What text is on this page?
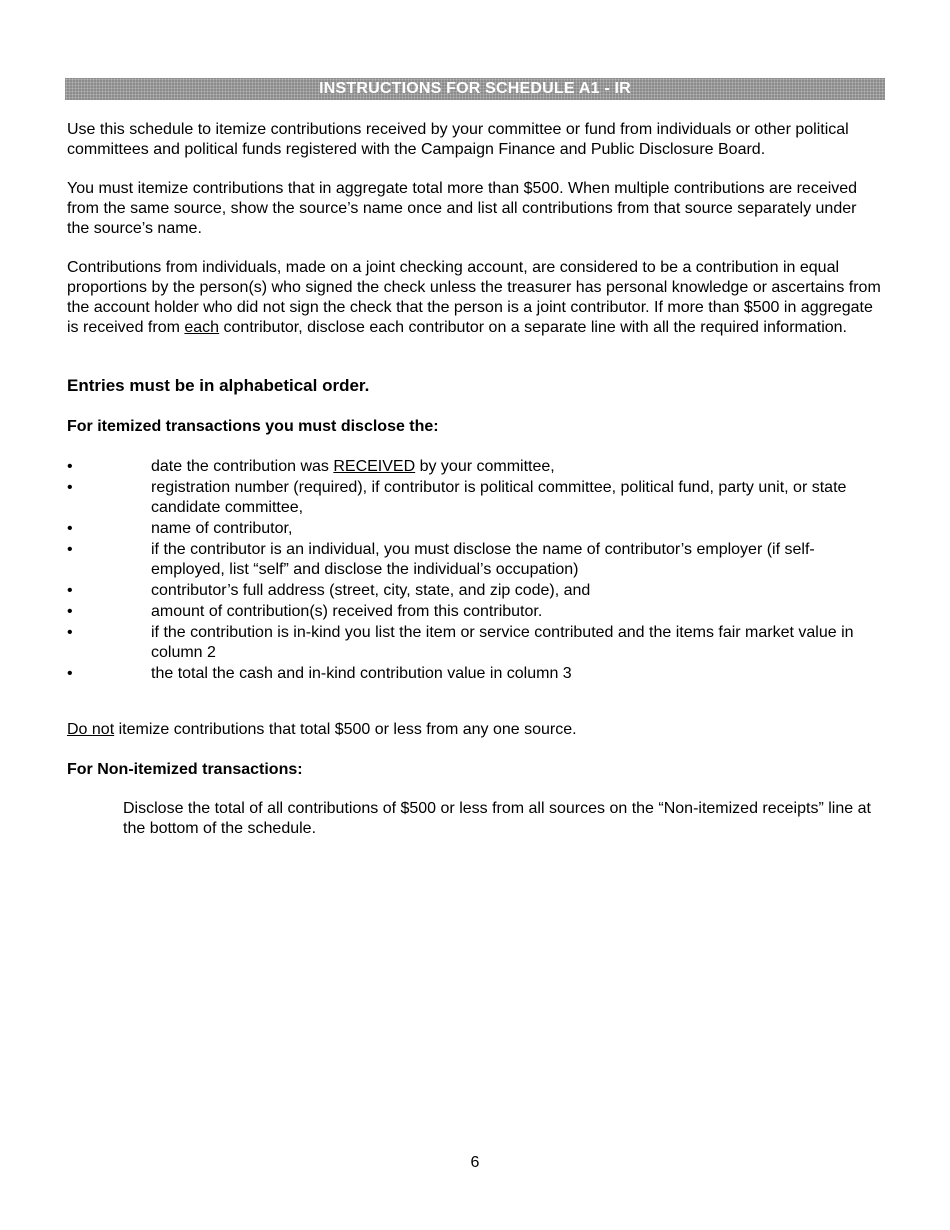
INSTRUCTIONS FOR SCHEDULE A1 - IR
Use this schedule to itemize contributions received by your committee or fund from individuals or other political committees and political funds registered with the Campaign Finance and Public Disclosure Board.
You must itemize contributions that in aggregate total more than $500. When multiple contributions are received from the same source, show the source’s name once and list all contributions from that source separately under the source’s name.
Contributions from individuals, made on a joint checking account, are considered to be a contribution in equal proportions by the person(s) who signed the check unless the treasurer has personal knowledge or ascertains from the account holder who did not sign the check that the person is a joint contributor. If more than $500 in aggregate is received from each contributor, disclose each contributor on a separate line with all the required information.
Entries must be in alphabetical order.
For itemized transactions you must disclose the:
•	date the contribution was RECEIVED by your committee,
•	registration number (required), if contributor is political committee, political fund, party unit, or state candidate committee,
•	name of contributor,
•	if the contributor is an individual, you must disclose the name of contributor’s employer (if self-employed, list “self” and disclose the individual’s occupation)
•	contributor’s full address (street, city, state, and zip code), and
•	amount of contribution(s) received from this contributor.
•	if the contribution is in-kind you list the item or service contributed and the items fair market value in column 2
•	the total the cash and in-kind contribution value in column 3
Do not itemize contributions that total $500 or less from any one source.
For Non-itemized transactions:
Disclose the total of all contributions of $500 or less from all sources on the “Non-itemized receipts” line at the bottom of the schedule.
6
